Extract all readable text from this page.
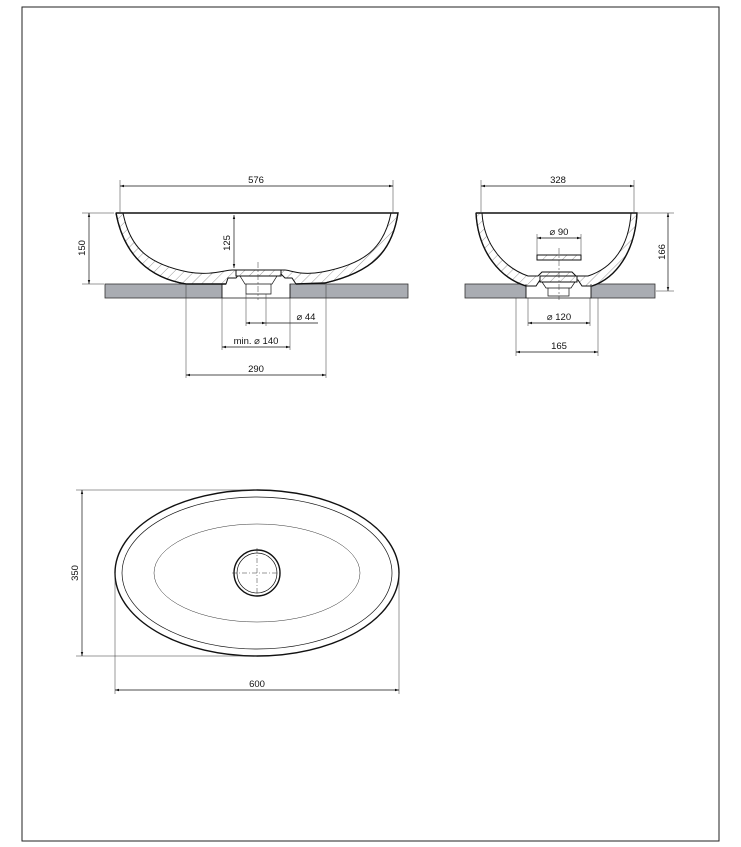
576
150	125
⌀ 44
min. ⌀ 140
290
328
⌀ 90
166
⌀ 120
165
350
600
